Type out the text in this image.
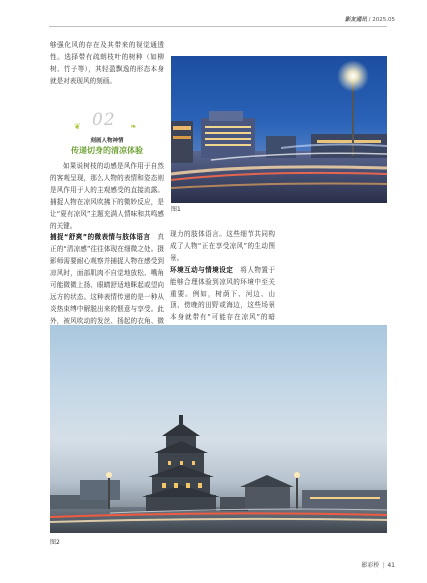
影友通讯 / 2025.05

够强化风的存在及其带来的视觉通透性。选择带有疏朗枝叶的树种（如柳树、竹子等），其轻盈飘逸的形态本身就是对表现风的刻画。

❦ 02 ❧
刻画人物神情
传递切身的清凉体验

如果说树枝的动感是风作用于自然的客观呈现，那么人物的表情和姿态则是风作用于人的主观感受的直接流露。捕捉人物在凉风吹拂下的微妙反应，是让“夏有凉风”主题充满人情味和共鸣感的关键。

捕捉“舒爽”的微表情与肢体语言　 真正的“清凉感”往往体现在细微之处。摄影师需要耐心观察并捕捉人物在感受到凉风时，面部肌肉不自觉地放松、嘴角可能微微上扬、眼睛舒适地眯起或望向远方的状态。这种表情传递的是一种从炎热束缚中解脱出来的惬意与享受。此外，被风吹动的发丝、扬起的衣角、微

图1

现力的肢体语言。这些细节共同构成了人物“正在享受凉风”的生动图景。

环境互动与情境设定　 将人物置于能够合理体验到凉风的环境中至关重要。例如，树荫下、河边、山顶、傍晚的田野或海边，这些场景本身就带有“可能存在凉风”的暗

图2
影彩桥 | 41
